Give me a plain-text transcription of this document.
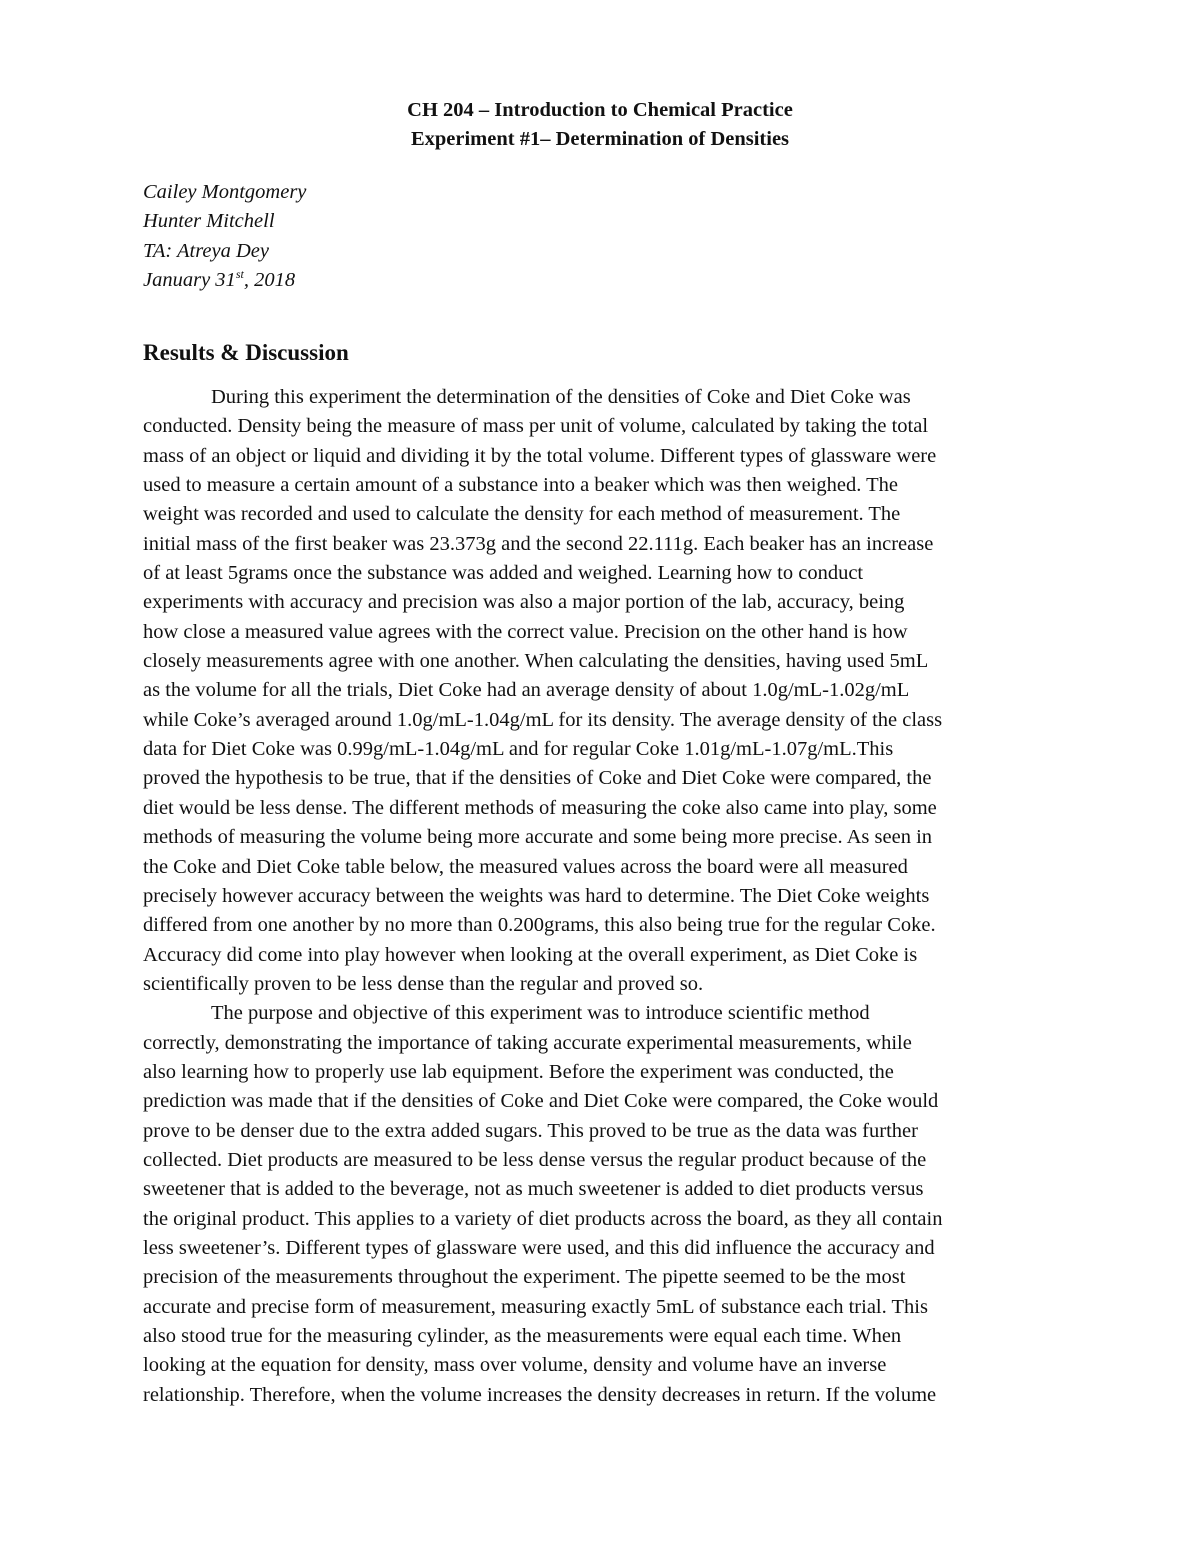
CH 204 – Introduction to Chemical Practice
Experiment #1– Determination of Densities
Cailey Montgomery
Hunter Mitchell
TA: Atreya Dey
January 31st, 2018
Results & Discussion
During this experiment the determination of the densities of Coke and Diet Coke was
conducted. Density being the measure of mass per unit of volume, calculated by taking the total
mass of an object or liquid and dividing it by the total volume. Different types of glassware were
used to measure a certain amount of a substance into a beaker which was then weighed. The
weight was recorded and used to calculate the density for each method of measurement. The
initial mass of the first beaker was 23.373g and the second 22.111g. Each beaker has an increase
of at least 5grams once the substance was added and weighed. Learning how to conduct
experiments with accuracy and precision was also a major portion of the lab, accuracy, being
how close a measured value agrees with the correct value. Precision on the other hand is how
closely measurements agree with one another. When calculating the densities, having used 5mL
as the volume for all the trials, Diet Coke had an average density of about 1.0g/mL-1.02g/mL
while Coke’s averaged around 1.0g/mL-1.04g/mL for its density. The average density of the class
data for Diet Coke was 0.99g/mL-1.04g/mL and for regular Coke 1.01g/mL-1.07g/mL.This
proved the hypothesis to be true, that if the densities of Coke and Diet Coke were compared, the
diet would be less dense. The different methods of measuring the coke also came into play, some
methods of measuring the volume being more accurate and some being more precise. As seen in
the Coke and Diet Coke table below, the measured values across the board were all measured
precisely however accuracy between the weights was hard to determine. The Diet Coke weights
differed from one another by no more than 0.200grams, this also being true for the regular Coke.
Accuracy did come into play however when looking at the overall experiment, as Diet Coke is
scientifically proven to be less dense than the regular and proved so.
The purpose and objective of this experiment was to introduce scientific method
correctly, demonstrating the importance of taking accurate experimental measurements, while
also learning how to properly use lab equipment. Before the experiment was conducted, the
prediction was made that if the densities of Coke and Diet Coke were compared, the Coke would
prove to be denser due to the extra added sugars. This proved to be true as the data was further
collected. Diet products are measured to be less dense versus the regular product because of the
sweetener that is added to the beverage, not as much sweetener is added to diet products versus
the original product. This applies to a variety of diet products across the board, as they all contain
less sweetener’s. Different types of glassware were used, and this did influence the accuracy and
precision of the measurements throughout the experiment. The pipette seemed to be the most
accurate and precise form of measurement, measuring exactly 5mL of substance each trial. This
also stood true for the measuring cylinder, as the measurements were equal each time. When
looking at the equation for density, mass over volume, density and volume have an inverse
relationship. Therefore, when the volume increases the density decreases in return. If the volume
